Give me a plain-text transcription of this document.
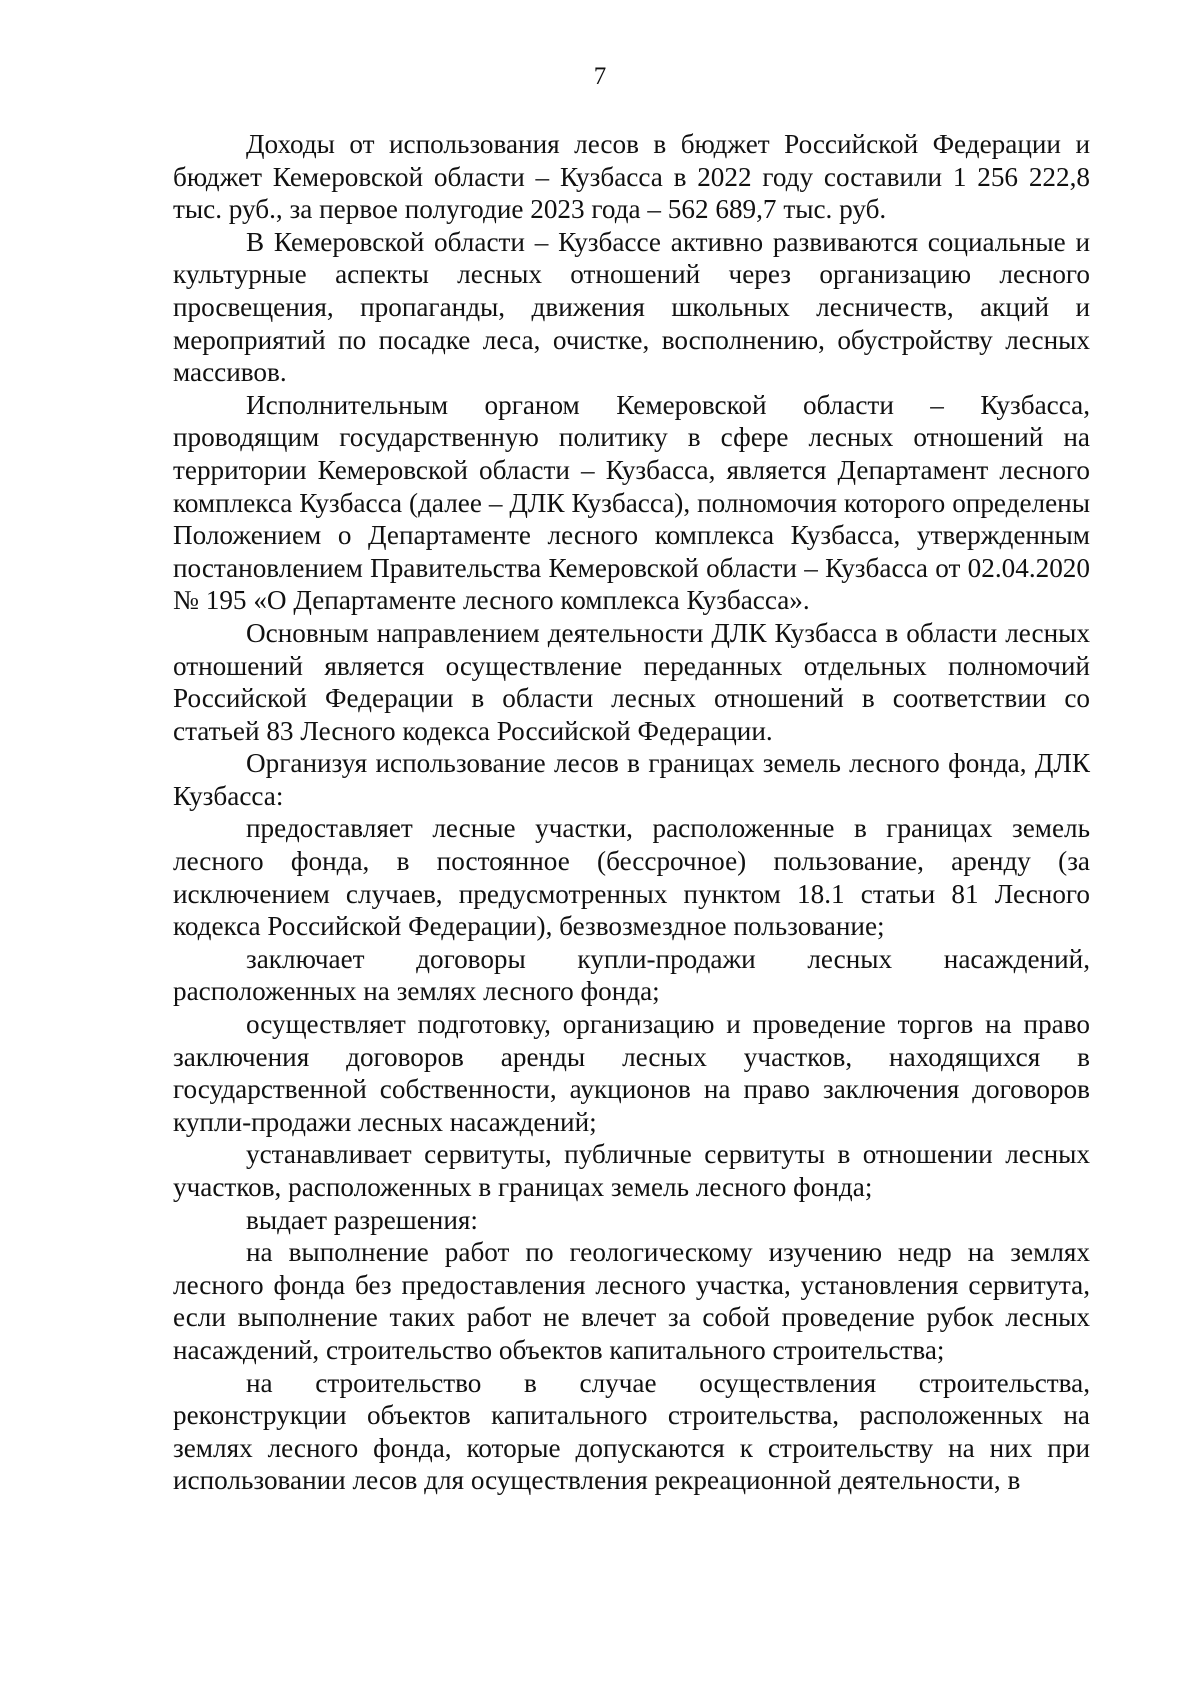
7

Доходы от использования лесов в бюджет Российской Федерации и бюджет Кемеровской области – Кузбасса в 2022 году составили 1 256 222,8 тыс. руб., за первое полугодие 2023 года – 562 689,7 тыс. руб.

В Кемеровской области – Кузбассе активно развиваются социальные и культурные аспекты лесных отношений через организацию лесного просвещения, пропаганды, движения школьных лесничеств, акций и мероприятий по посадке леса, очистке, восполнению, обустройству лесных массивов.

Исполнительным органом Кемеровской области – Кузбасса, проводящим государственную политику в сфере лесных отношений на территории Кемеровской области – Кузбасса, является Департамент лесного комплекса Кузбасса (далее – ДЛК Кузбасса), полномочия которого определены Положением о Департаменте лесного комплекса Кузбасса, утвержденным постановлением Правительства Кемеровской области – Кузбасса от 02.04.2020 № 195 «О Департаменте лесного комплекса Кузбасса».

Основным направлением деятельности ДЛК Кузбасса в области лесных отношений является осуществление переданных отдельных полномочий Российской Федерации в области лесных отношений в соответствии со статьей 83 Лесного кодекса Российской Федерации.

Организуя использование лесов в границах земель лесного фонда, ДЛК Кузбасса:

предоставляет лесные участки, расположенные в границах земель лесного фонда, в постоянное (бессрочное) пользование, аренду (за исключением случаев, предусмотренных пунктом 18.1 статьи 81 Лесного кодекса Российской Федерации), безвозмездное пользование;

заключает договоры купли-продажи лесных насаждений, расположенных на землях лесного фонда;

осуществляет подготовку, организацию и проведение торгов на право заключения договоров аренды лесных участков, находящихся в государственной собственности, аукционов на право заключения договоров купли-продажи лесных насаждений;

устанавливает сервитуты, публичные сервитуты в отношении лесных участков, расположенных в границах земель лесного фонда;

выдает разрешения:

на выполнение работ по геологическому изучению недр на землях лесного фонда без предоставления лесного участка, установления сервитута, если выполнение таких работ не влечет за собой проведение рубок лесных насаждений, строительство объектов капитального строительства;

на строительство в случае осуществления строительства, реконструкции объектов капитального строительства, расположенных на землях лесного фонда, которые допускаются к строительству на них при использовании лесов для осуществления рекреационной деятельности, в
